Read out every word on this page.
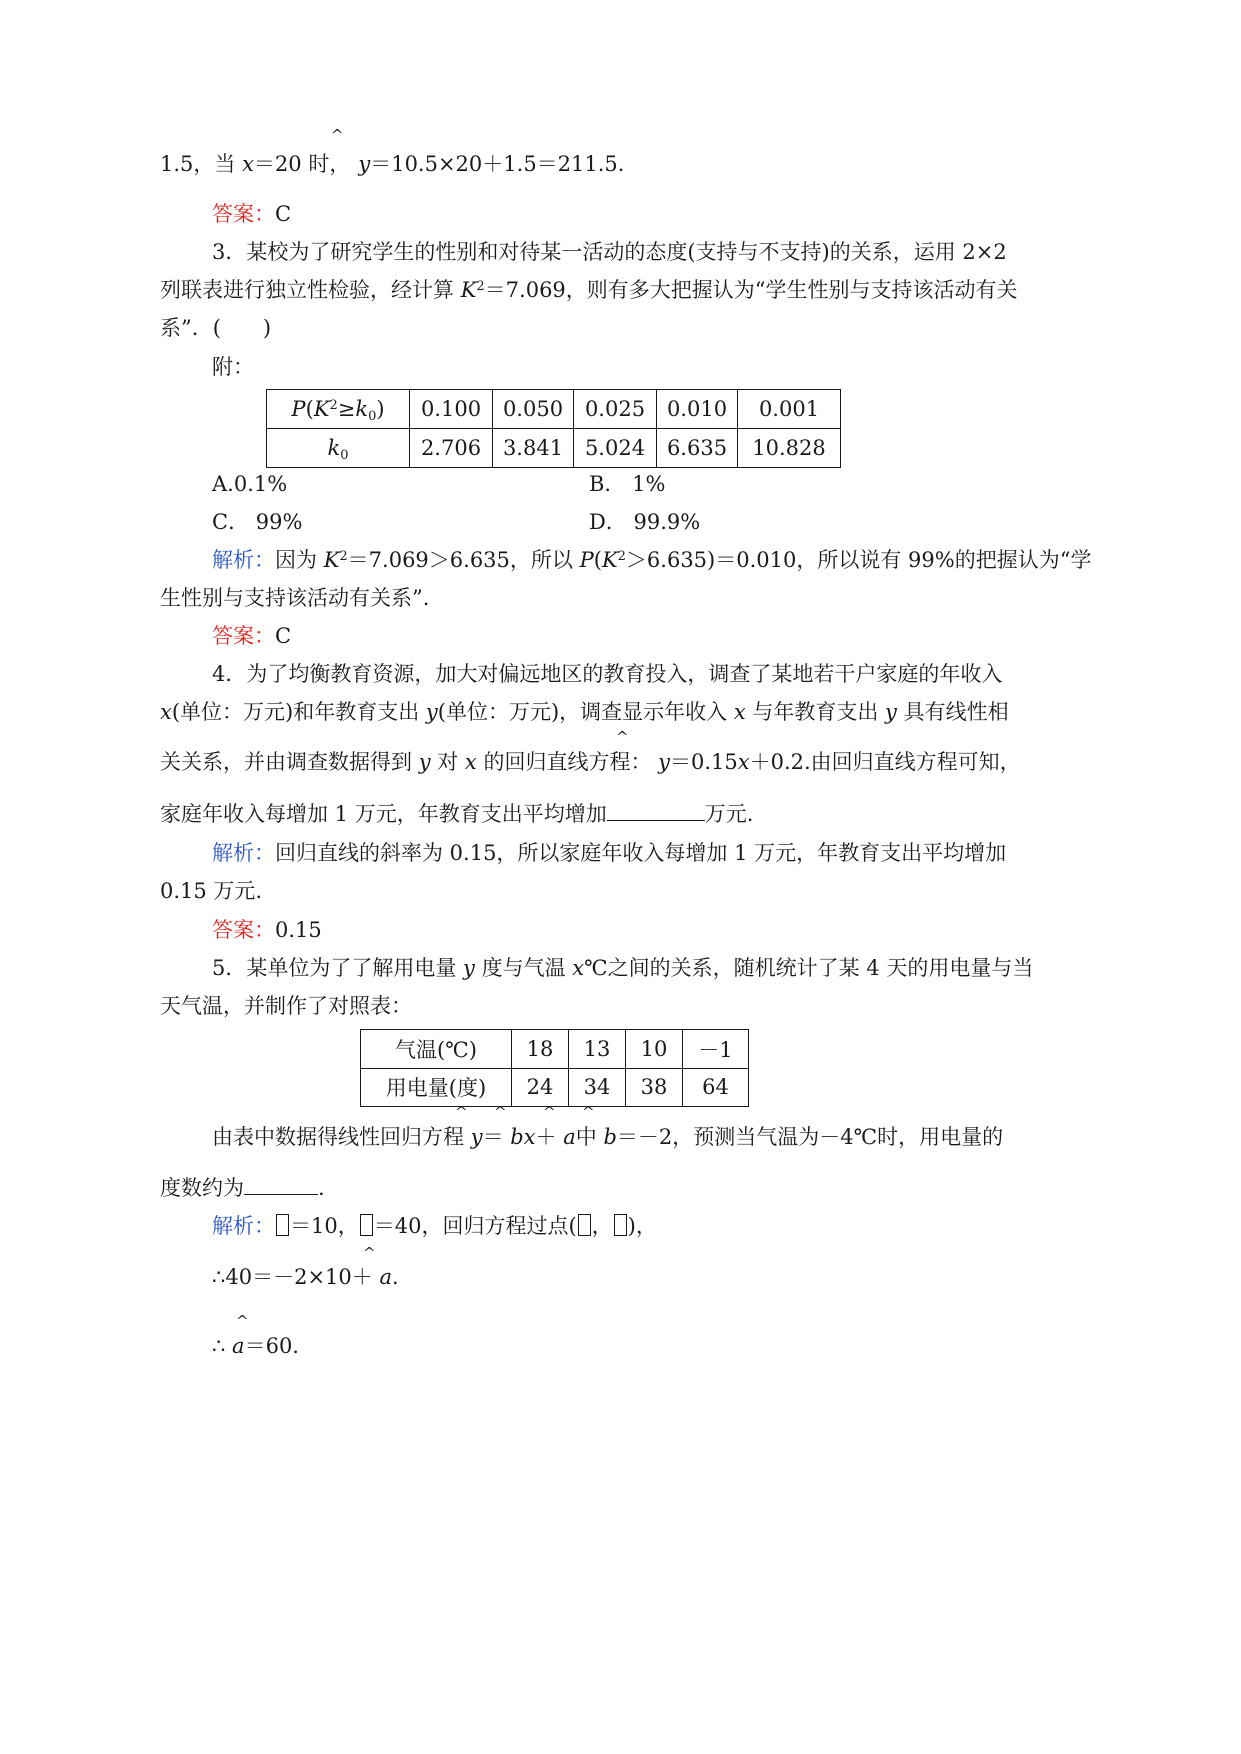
1.5，当 x＝20 时， y＝10.5×20＋1.5＝211.5.
^
答案：C
3．某校为了研究学生的性别和对待某一活动的态度(支持与不支持)的关系，运用 2×2
列联表进行独立性检验，经计算 $K^2=7.069$，则有多大把握认为“学生性别与支持该活动有关
系”．(　　)
附：
$P(K^2\ge k_0)$	0.100	0.050	0.025	0.010	0.001
$k_0$	2.706	3.841	5.024	6.635	10.828
A.0.1%	B． 1%
C． 99%	D． 99.9%
解析：因为 $K^2=7.069>6.635$，所以 $P(K^2>6.635)=0.010$，所以说有 99%的把握认为“学
生性别与支持该活动有关系”.
答案：C
4．为了均衡教育资源，加大对偏远地区的教育投入，调查了某地若干户家庭的年收入
x(单位：万元)和年教育支出 y(单位：万元)，调查显示年收入 x 与年教育支出 y 具有线性相
关关系，并由调查数据得到 y 对 x 的回归直线方程： y＝0.15x＋0.2.由回归直线方程可知，
^
家庭年收入每增加 1 万元，年教育支出平均增加	万元.
解析：回归直线的斜率为 0.15，所以家庭年收入每增加 1 万元，年教育支出平均增加
0.15 万元.
答案：0.15
5．某单位为了了解用电量 y 度与气温 x℃之间的关系，随机统计了某 4 天的用电量与当
天气温，并制作了对照表：
气温(℃)	18	13	10	－1
用电量(度)	24	34	38	64
由表中数据得线性回归方程 y＝ bx＋ a中 b＝－2，预测当气温为－4℃时，用电量的
^ ^ ^ ^
度数约为	.
解析： ＝10， ＝40，回归方程过点( ， )，
∴40＝－2×10＋ a.
^
∴ a＝60.
^
